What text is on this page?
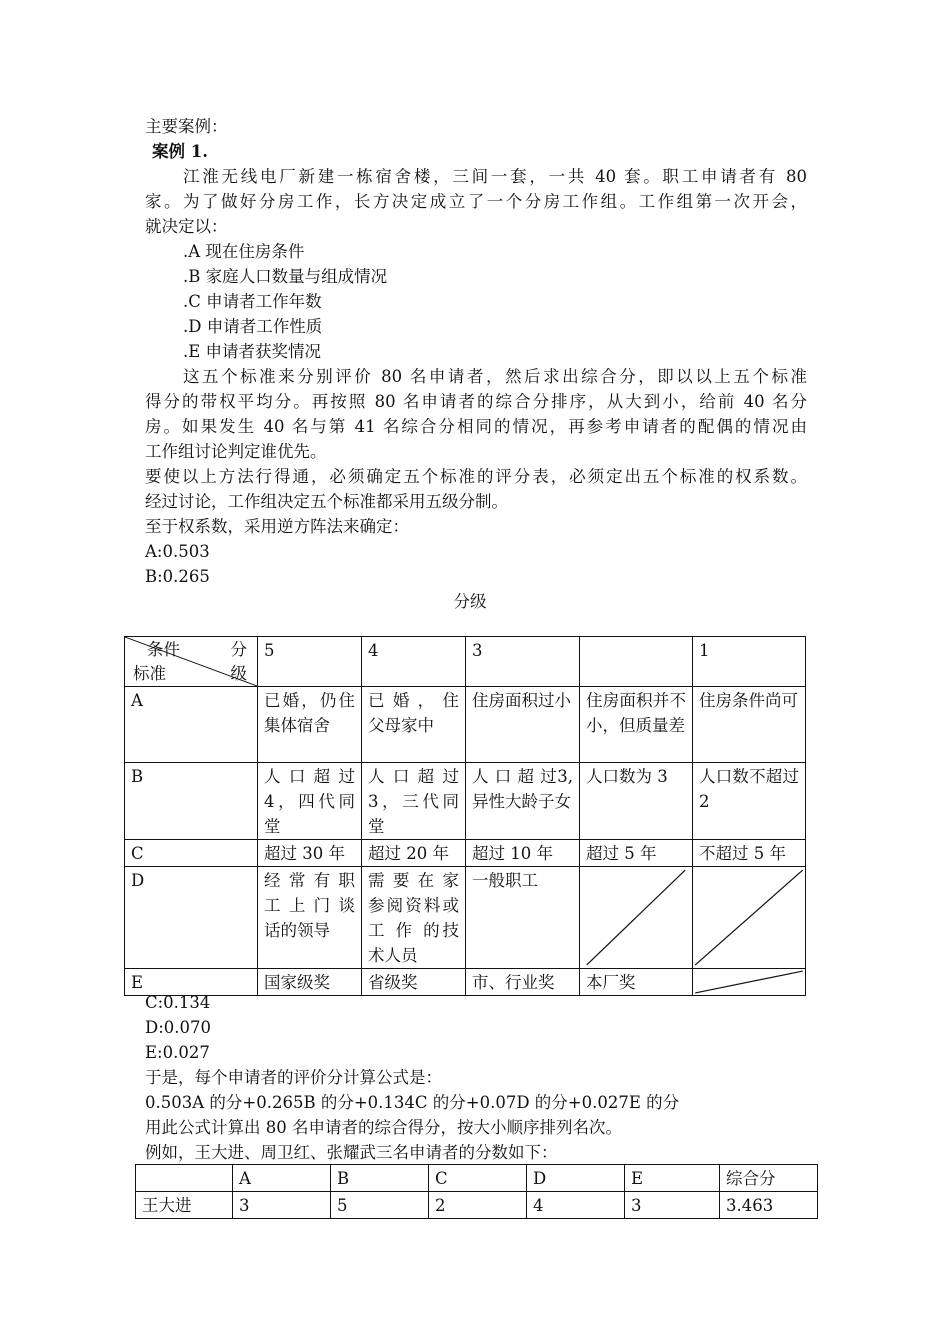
主要案例：
案例 1.
江淮无线电厂新建一栋宿舍楼，三间一套，一共 40 套。职工申请者有 80
家。为了做好分房工作，长方决定成立了一个分房工作组。工作组第一次开会，
就决定以：
.A 现在住房条件
.B 家庭人口数量与组成情况
.C 申请者工作年数
.D 申请者工作性质
.E 申请者获奖情况
这五个标准来分别评价 80 名申请者，然后求出综合分，即以以上五个标准
得分的带权平均分。再按照 80 名申请者的综合分排序，从大到小，给前 40 名分
房。如果发生 40 名与第 41 名综合分相同的情况，再参考申请者的配偶的情况由
工作组讨论判定谁优先。
要使以上方法行得通，必须确定五个标准的评分表，必须定出五个标准的权系数。
经过讨论，工作组决定五个标准都采用五级分制。
至于权系数，采用逆方阵法来确定：
A:0.503
B:0.265
分级
条件 分
标准 级	5	4	3		1
A	已婚，仍住集体宿舍	已 婚 ， 住父母家中	住房面积过小	住房面积并不小，但质量差	住房条件尚可
B	人 口 超 过4，四代同堂	人口超过3，三代同堂	人 口 超 过3,异性大龄子女	人口数为 3	人口数不超过 2
C	超过 30 年	超过 20 年	超过 10 年	超过 5 年	不超过 5 年
D	经 常 有 职工 上 门 谈话的领导	需 要 在 家参阅资料或工 作 的技术人员	一般职工	

E	国家级奖	省级奖	市、行业奖	本厂奖	
C:0.134
D:0.070
E:0.027
于是，每个申请者的评价分计算公式是：
0.503A 的分+0.265B 的分+0.134C 的分+0.07D 的分+0.027E 的分
用此公式计算出 80 名申请者的综合得分，按大小顺序排列名次。
例如，王大进、周卫红、张耀武三名申请者的分数如下：
	A	B	C	D	E	综合分
王大进	3	5	2	4	3	3.463
